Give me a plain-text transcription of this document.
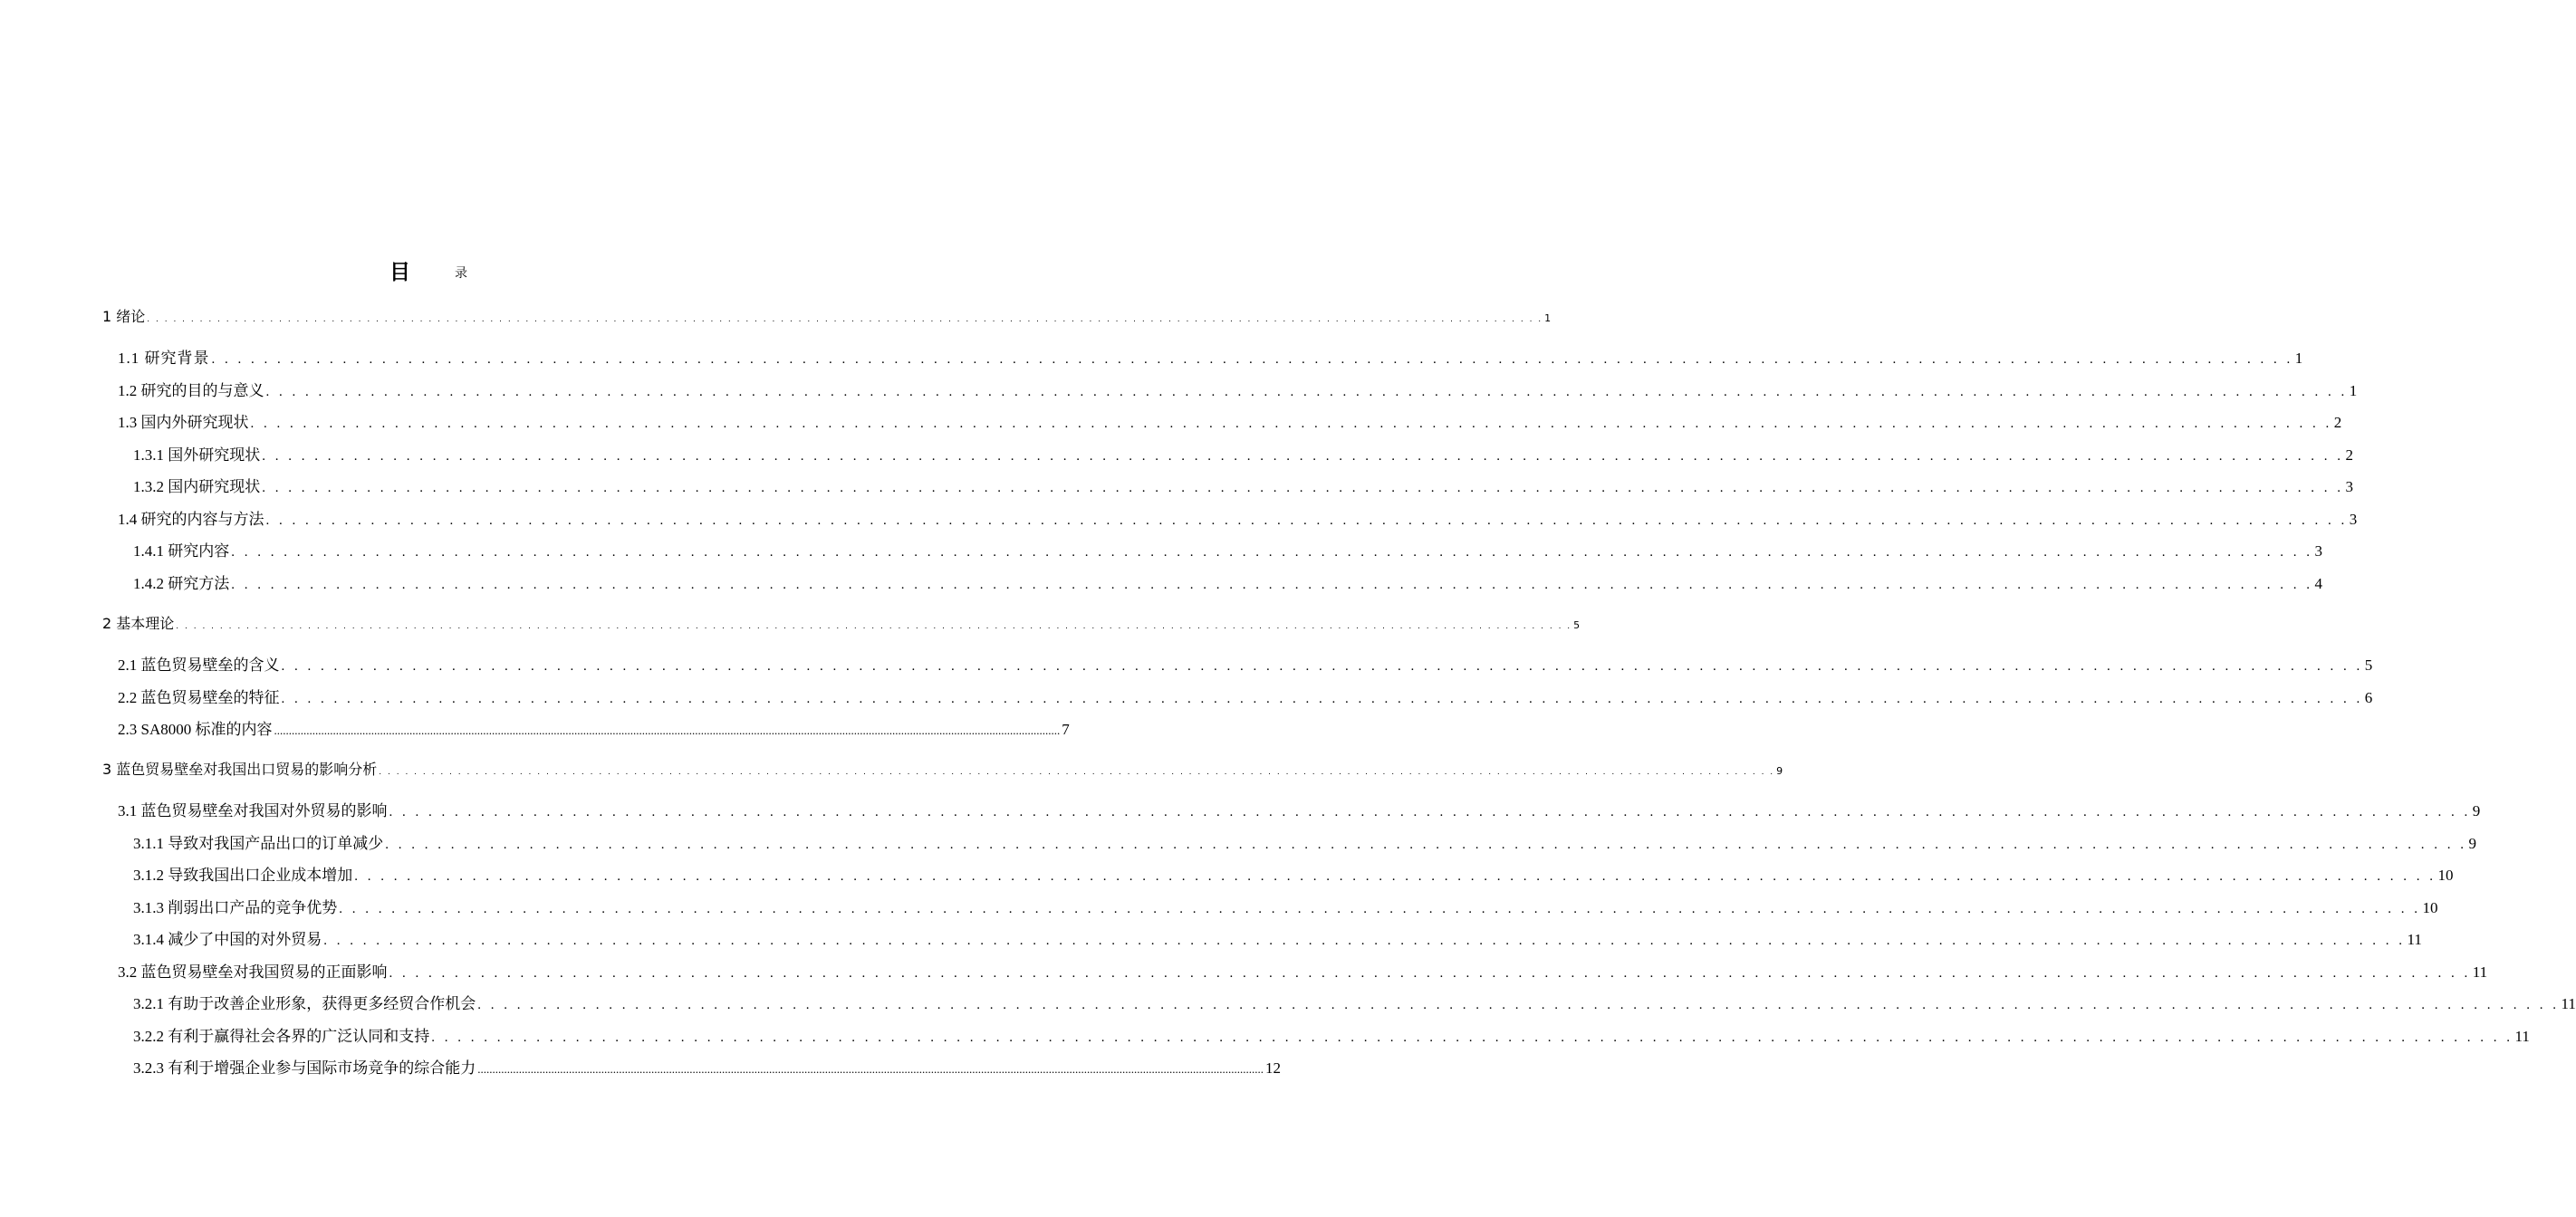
目	录
1 绪论 . . . . . . . . . . . . . . . . . . . . . . . . . . . . . . . . . . . . . . . . . . . . . . . . . . . . . . . . . . . . . . . . . . . . . . . . . . . . . . . . . . . . . . . . . . . . . . . . . . . . . . . . . . . . . . . . . . . . . . . . . . . . . . . . . . . . . . . . . . . . . . . . . . . . . . . . . . . . . . . 1
1.1 研究背景 . . . . . . . . . . . . . . . . . . . . . . . . . . . . . . . . . . . . . . . . . . . . . . . . . . . . . . . . . . . . . . . . . . . . . . . . . . . . . . . . . . . . . . . . . . . . . . . . . . . . . . . . . . . . . . . . . . . . . . . . . . . . . . . . . . . . . . . . . . . . . . . . . . . . . . . . . . . . . . . 1
1.2 研究的目的与意义 . . . . . . . . . . . . . . . . . . . . . . . . . . . . . . . . . . . . . . . . . . . . . . . . . . . . . . . . . . . . . . . . . . . . . . . . . . . . . . . . . . . . . . . . . . . . . . . . . . . . . . . . . . . . . . . . . . . . . . . . . . . . . . . . . . . . . . . . . . . . . . . . . . . . . . . . . . . . . . . 1
1.3 国内外研究现状 . . . . . . . . . . . . . . . . . . . . . . . . . . . . . . . . . . . . . . . . . . . . . . . . . . . . . . . . . . . . . . . . . . . . . . . . . . . . . . . . . . . . . . . . . . . . . . . . . . . . . . . . . . . . . . . . . . . . . . . . . . . . . . . . . . . . . . . . . . . . . . . . . . . . . . . . . . . . . . . 2
1.3.1 国外研究现状 . . . . . . . . . . . . . . . . . . . . . . . . . . . . . . . . . . . . . . . . . . . . . . . . . . . . . . . . . . . . . . . . . . . . . . . . . . . . . . . . . . . . . . . . . . . . . . . . . . . . . . . . . . . . . . . . . . . . . . . . . . . . . . . . . . . . . . . . . . . . . . . . . . . . . . . . . . . . . . . 2
1.3.2 国内研究现状 . . . . . . . . . . . . . . . . . . . . . . . . . . . . . . . . . . . . . . . . . . . . . . . . . . . . . . . . . . . . . . . . . . . . . . . . . . . . . . . . . . . . . . . . . . . . . . . . . . . . . . . . . . . . . . . . . . . . . . . . . . . . . . . . . . . . . . . . . . . . . . . . . . . . . . . . . . . . . . . 3
1.4 研究的内容与方法 . . . . . . . . . . . . . . . . . . . . . . . . . . . . . . . . . . . . . . . . . . . . . . . . . . . . . . . . . . . . . . . . . . . . . . . . . . . . . . . . . . . . . . . . . . . . . . . . . . . . . . . . . . . . . . . . . . . . . . . . . . . . . . . . . . . . . . . . . . . . . . . . . . . . . . . . . . . . . . . 3
1.4.1 研究内容 . . . . . . . . . . . . . . . . . . . . . . . . . . . . . . . . . . . . . . . . . . . . . . . . . . . . . . . . . . . . . . . . . . . . . . . . . . . . . . . . . . . . . . . . . . . . . . . . . . . . . . . . . . . . . . . . . . . . . . . . . . . . . . . . . . . . . . . . . . . . . . . . . . . . . . . . . . . . . . . 3
1.4.2 研究方法 . . . . . . . . . . . . . . . . . . . . . . . . . . . . . . . . . . . . . . . . . . . . . . . . . . . . . . . . . . . . . . . . . . . . . . . . . . . . . . . . . . . . . . . . . . . . . . . . . . . . . . . . . . . . . . . . . . . . . . . . . . . . . . . . . . . . . . . . . . . . . . . . . . . . . . . . . . . . . . . 4
2 基本理论 . . . . . . . . . . . . . . . . . . . . . . . . . . . . . . . . . . . . . . . . . . . . . . . . . . . . . . . . . . . . . . . . . . . . . . . . . . . . . . . . . . . . . . . . . . . . . . . . . . . . . . . . . . . . . . . . . . . . . . . . . . . . . . . . . . . . . . . . . . . . . . . . . . . . . . . . . . . . . . . 5
2.1 蓝色贸易壁垒的含义 . . . . . . . . . . . . . . . . . . . . . . . . . . . . . . . . . . . . . . . . . . . . . . . . . . . . . . . . . . . . . . . . . . . . . . . . . . . . . . . . . . . . . . . . . . . . . . . . . . . . . . . . . . . . . . . . . . . . . . . . . . . . . . . . . . . . . . . . . . . . . . . . . . . . . . . . . . . . . . . 5
2.2 蓝色贸易壁垒的特征 . . . . . . . . . . . . . . . . . . . . . . . . . . . . . . . . . . . . . . . . . . . . . . . . . . . . . . . . . . . . . . . . . . . . . . . . . . . . . . . . . . . . . . . . . . . . . . . . . . . . . . . . . . . . . . . . . . . . . . . . . . . . . . . . . . . . . . . . . . . . . . . . . . . . . . . . . . . . . . . 6
2.3 SA8000 标准的内容 ........................................................................................................................................................................................................................................................................... 7
3 蓝色贸易壁垒对我国出口贸易的影响分析 . . . . . . . . . . . . . . . . . . . . . . . . . . . . . . . . . . . . . . . . . . . . . . . . . . . . . . . . . . . . . . . . . . . . . . . . . . . . . . . . . . . . . . . . . . . . . . . . . . . . . . . . . . . . . . . . . . . . . . . . . . . . . . . . . . . . . . . . . . . . . . . . . . . . . . . . . . . . . . . 9
3.1 蓝色贸易壁垒对我国对外贸易的影响 . . . . . . . . . . . . . . . . . . . . . . . . . . . . . . . . . . . . . . . . . . . . . . . . . . . . . . . . . . . . . . . . . . . . . . . . . . . . . . . . . . . . . . . . . . . . . . . . . . . . . . . . . . . . . . . . . . . . . . . . . . . . . . . . . . . . . . . . . . . . . . . . . . . . . . . . . . . . . . . 9
3.1.1 导致对我国产品出口的订单减少 . . . . . . . . . . . . . . . . . . . . . . . . . . . . . . . . . . . . . . . . . . . . . . . . . . . . . . . . . . . . . . . . . . . . . . . . . . . . . . . . . . . . . . . . . . . . . . . . . . . . . . . . . . . . . . . . . . . . . . . . . . . . . . . . . . . . . . . . . . . . . . . . . . . . . . . . . . . . . . . 9
3.1.2 导致我国出口企业成本增加 . . . . . . . . . . . . . . . . . . . . . . . . . . . . . . . . . . . . . . . . . . . . . . . . . . . . . . . . . . . . . . . . . . . . . . . . . . . . . . . . . . . . . . . . . . . . . . . . . . . . . . . . . . . . . . . . . . . . . . . . . . . . . . . . . . . . . . . . . . . . . . . . . . . . . . . . . . . . . . . 10
3.1.3 削弱出口产品的竞争优势 . . . . . . . . . . . . . . . . . . . . . . . . . . . . . . . . . . . . . . . . . . . . . . . . . . . . . . . . . . . . . . . . . . . . . . . . . . . . . . . . . . . . . . . . . . . . . . . . . . . . . . . . . . . . . . . . . . . . . . . . . . . . . . . . . . . . . . . . . . . . . . . . . . . . . . . . . . . . . . . 10
3.1.4 减少了中国的对外贸易 . . . . . . . . . . . . . . . . . . . . . . . . . . . . . . . . . . . . . . . . . . . . . . . . . . . . . . . . . . . . . . . . . . . . . . . . . . . . . . . . . . . . . . . . . . . . . . . . . . . . . . . . . . . . . . . . . . . . . . . . . . . . . . . . . . . . . . . . . . . . . . . . . . . . . . . . . . . . . . . 11
3.2 蓝色贸易壁垒对我国贸易的正面影响 . . . . . . . . . . . . . . . . . . . . . . . . . . . . . . . . . . . . . . . . . . . . . . . . . . . . . . . . . . . . . . . . . . . . . . . . . . . . . . . . . . . . . . . . . . . . . . . . . . . . . . . . . . . . . . . . . . . . . . . . . . . . . . . . . . . . . . . . . . . . . . . . . . . . . . . . . . . . . . . 11
3.2.1 有助于改善企业形象，获得更多经贸合作机会 . . . . . . . . . . . . . . . . . . . . . . . . . . . . . . . . . . . . . . . . . . . . . . . . . . . . . . . . . . . . . . . . . . . . . . . . . . . . . . . . . . . . . . . . . . . . . . . . . . . . . . . . . . . . . . . . . . . . . . . . . . . . . . . . . . . . . . . . . . . . . . . . . . . . . . . . . . . . . . . 11
3.2.2 有利于赢得社会各界的广泛认同和支持 . . . . . . . . . . . . . . . . . . . . . . . . . . . . . . . . . . . . . . . . . . . . . . . . . . . . . . . . . . . . . . . . . . . . . . . . . . . . . . . . . . . . . . . . . . . . . . . . . . . . . . . . . . . . . . . . . . . . . . . . . . . . . . . . . . . . . . . . . . . . . . . . . . . . . . . . . . . . . . . 11
3.2.3 有利于增强企业参与国际市场竞争的综合能力 ........................................................................................................................................................................................................................................................................... 12
